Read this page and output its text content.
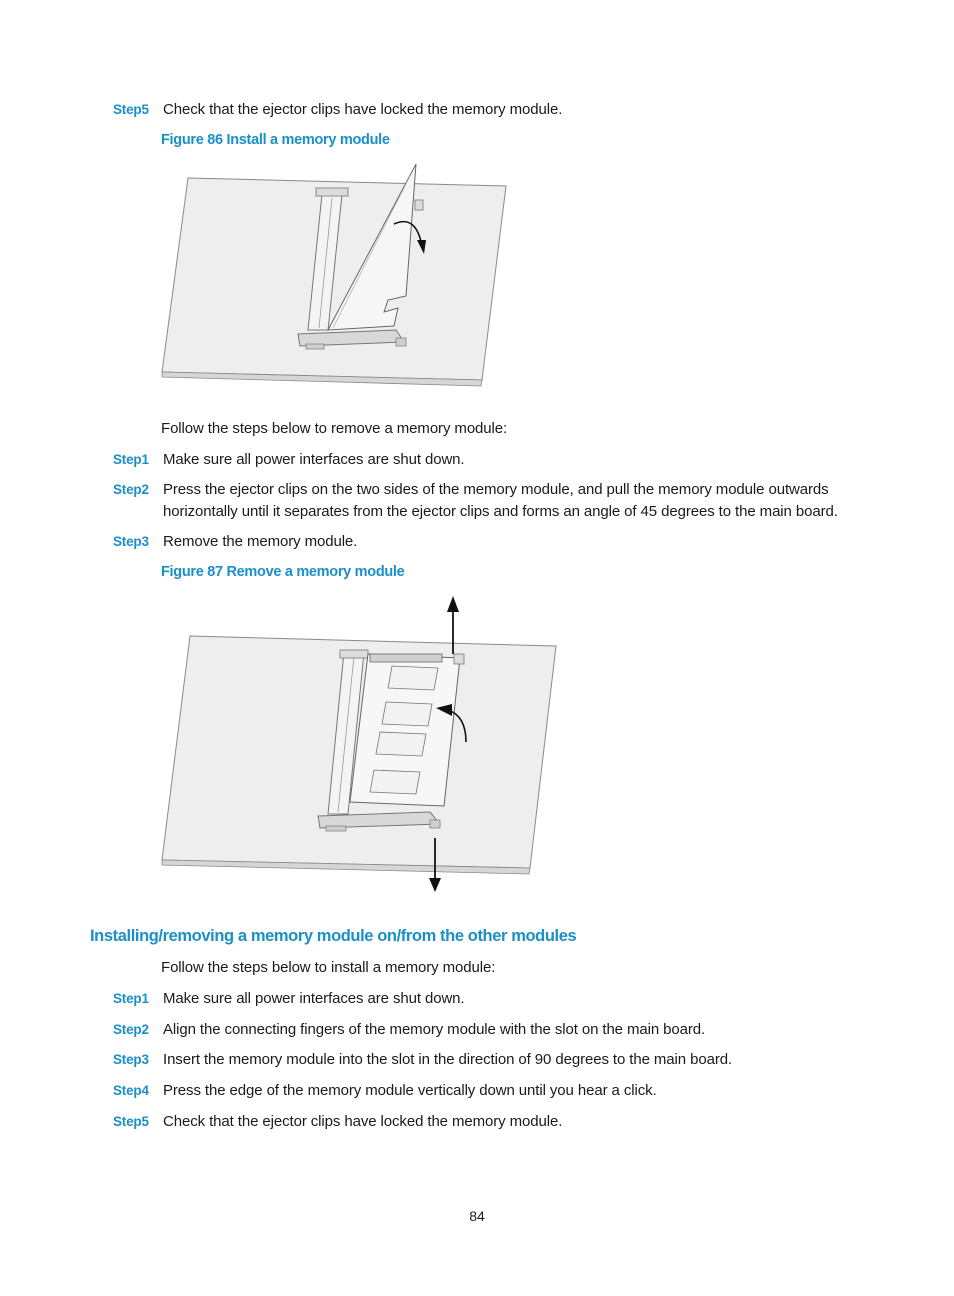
Step5 Check that the ejector clips have locked the memory module.
Figure 86 Install a memory module
Follow the steps below to remove a memory module:
Step1 Make sure all power interfaces are shut down.
Step2 Press the ejector clips on the two sides of the memory module, and pull the memory module outwards horizontally until it separates from the ejector clips and forms an angle of 45 degrees to the main board.
Step3 Remove the memory module.
Figure 87 Remove a memory module
Installing/removing a memory module on/from the other modules
Follow the steps below to install a memory module:
Step1 Make sure all power interfaces are shut down.
Step2 Align the connecting fingers of the memory module with the slot on the main board.
Step3 Insert the memory module into the slot in the direction of 90 degrees to the main board.
Step4 Press the edge of the memory module vertically down until you hear a click.
Step5 Check that the ejector clips have locked the memory module.
84
